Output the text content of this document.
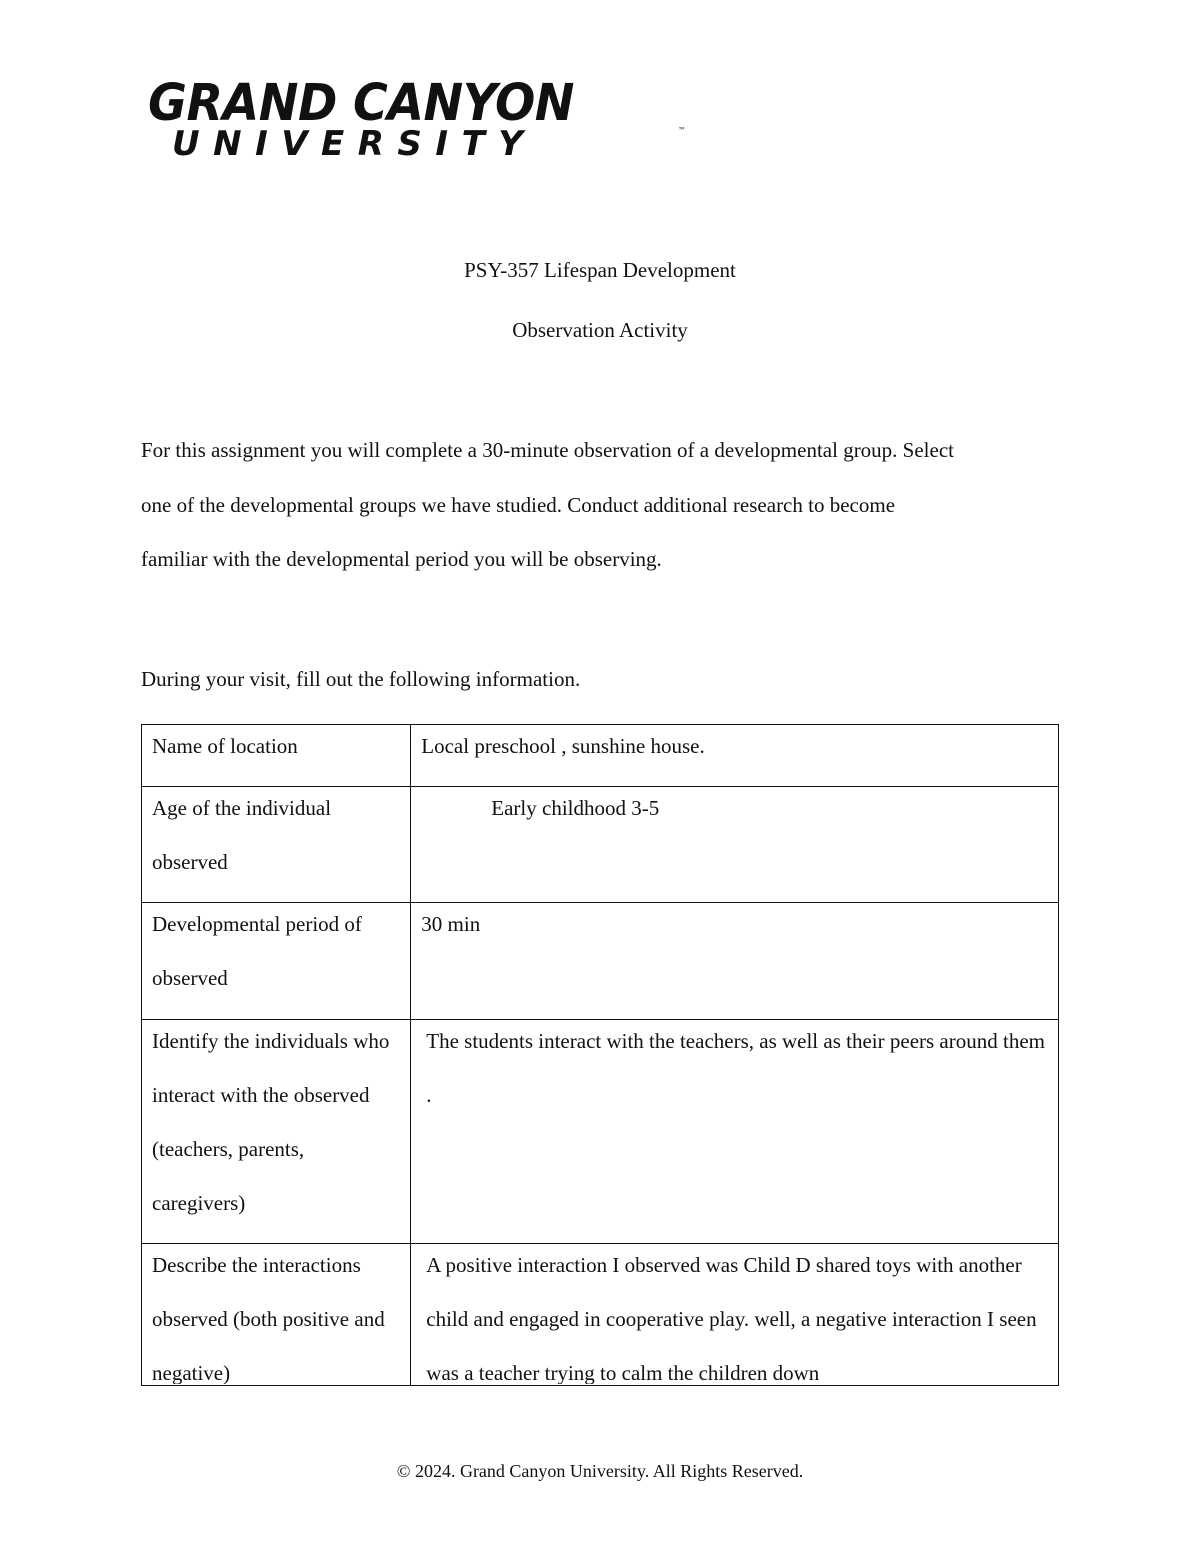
GRAND CANYON
UNIVERSITY	™
PSY-357 Lifespan Development
Observation Activity
For this assignment you will complete a 30-minute observation of a developmental group. Select
one of the developmental groups we have studied. Conduct additional research to become
familiar with the developmental period you will be observing.
During your visit, fill out the following information.
Name of location	Local preschool , sunshine house.

Age of the individual observed	Early childhood 3-5

Developmental period of observed	30 min

Identify the individuals who interact with the observed (teachers, parents, caregivers)	The students interact with the teachers, as well as their peers around them .

Describe the interactions observed (both positive and negative)	A positive interaction I observed was Child D shared toys with another child and engaged in cooperative play. well, a negative interaction I seen was a teacher trying to calm the children down
© 2024. Grand Canyon University. All Rights Reserved.
